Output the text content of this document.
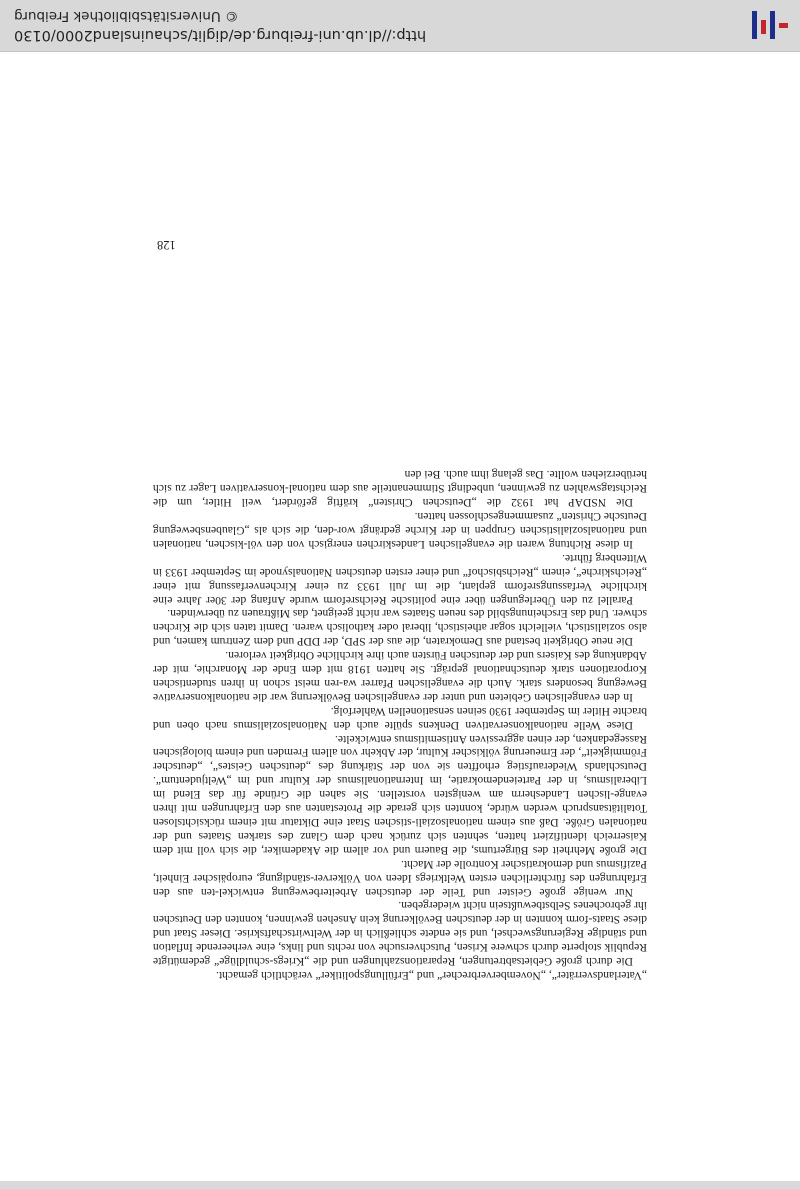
„Vaterlandsverräter“, „Novemberverbrecher“ und „Erfüllungspolitiker“ verächtlich gemacht.

Die durch große Gebietsabtretungen, Reparationszahlungen und die „Kriegs-schuldlüge“ gedemütigte Republik stolperte durch schwere Krisen, Putschversuche von rechts und links, eine verheerende Inflation und ständige Regierungswechsel, und sie endete schließlich in der Weltwirtschaftskrise. Dieser Staat und diese Staats-form konnten in der deutschen Bevölkerung kein Ansehen gewinnen, konnten den Deutschen ihr gebrochenes Selbstbewußtsein nicht wiedergeben.

Nur wenige große Geister und Teile der deutschen Arbeiterbewegung entwickel-ten aus den Erfahrungen des fürchterlichen ersten Weltkriegs Ideen von Völkerver-ständigung, europäischer Einheit, Pazifismus und demokratischer Kontrolle der Macht.

Die große Mehrheit des Bürgertums, die Bauern und vor allem die Akademiker, die sich voll mit dem Kaiserreich identifiziert hatten, sehnten sich zurück nach dem Glanz des starken Staates und der nationalen Größe. Daß aus einem nationalsoziali-stischen Staat eine Diktatur mit einem rücksichtslosen Totalitätsanspruch werden würde, konnten sich gerade die Protestanten aus den Erfahrungen mit ihren evange-lischen Landesherrn am wenigsten vorstellen. Sie sahen die Gründe für das Elend im Liberalismus, in der Parteiendemokratie, im Internationalismus der Kultur und im „Weltjudentum“. Deutschlands Wiederaufstieg erhofften sie von der Stärkung des „deutschen Geistes“, „deutscher Frömmigkeit“, der Erneuerung völkischer Kultur, der Abkehr von allem Fremden und einem biologischen Rassegedanken, der einen aggressiven Antisemitismus entwickelte.

Diese Welle nationalkonservativen Denkens spülte auch den Nationalsozialismus nach oben und brachte Hitler im September 1930 seinen sensationellen Wahlerfolg.

In den evangelischen Gebieten und unter der evangelischen Bevölkerung war die nationalkonservative Bewegung besonders stark. Auch die evangelischen Pfarrer wa-ren meist schon in ihren studentischen Korporationen stark deutschnational geprägt. Sie hatten 1918 mit dem Ende der Monarchie, mit der Abdankung des Kaisers und der deutschen Fürsten auch ihre kirchliche Obrigkeit verloren.

Die neue Obrigkeit bestand aus Demokraten, die aus der SPD, der DDP und dem Zentrum kamen, und also sozialistisch, vielleicht sogar atheistisch, liberal oder katholisch waren. Damit taten sich die Kirchen schwer. Und das Erscheinungsbild des neuen Staates war nicht geeignet, das Mißtrauen zu überwinden.

Parallel zu den Überlegungen über eine politische Reichsreform wurde Anfang der 30er Jahre eine kirchliche Verfassungsreform geplant, die im Juli 1933 zu einer Kirchenverfassung mit einer „Reichskirche“, einem „Reichsbischof“ und einer ersten deutschen Nationalsynode im September 1933 in Wittenberg führte.

In diese Richtung waren die evangelischen Landeskirchen energisch von den völ-kischen, nationalen und nationalsozialistischen Gruppen in der Kirche gedrängt wor-den, die sich als „Glaubensbewegung Deutsche Christen“ zusammengeschlossen hatten.

Die NSDAP hat 1932 die „Deutschen Christen“ kräftig gefördert, weil Hitler, um die Reichstagswahlen zu gewinnen, unbedingt Stimmenanteile aus dem national-konservativen Lager zu sich herüberziehen wollte. Das gelang ihm auch. Bei den

128
http://dl.ub.uni-freiburg.de/diglit/schauinsland2000/0130
© Universitätsbibliothek Freiburg
